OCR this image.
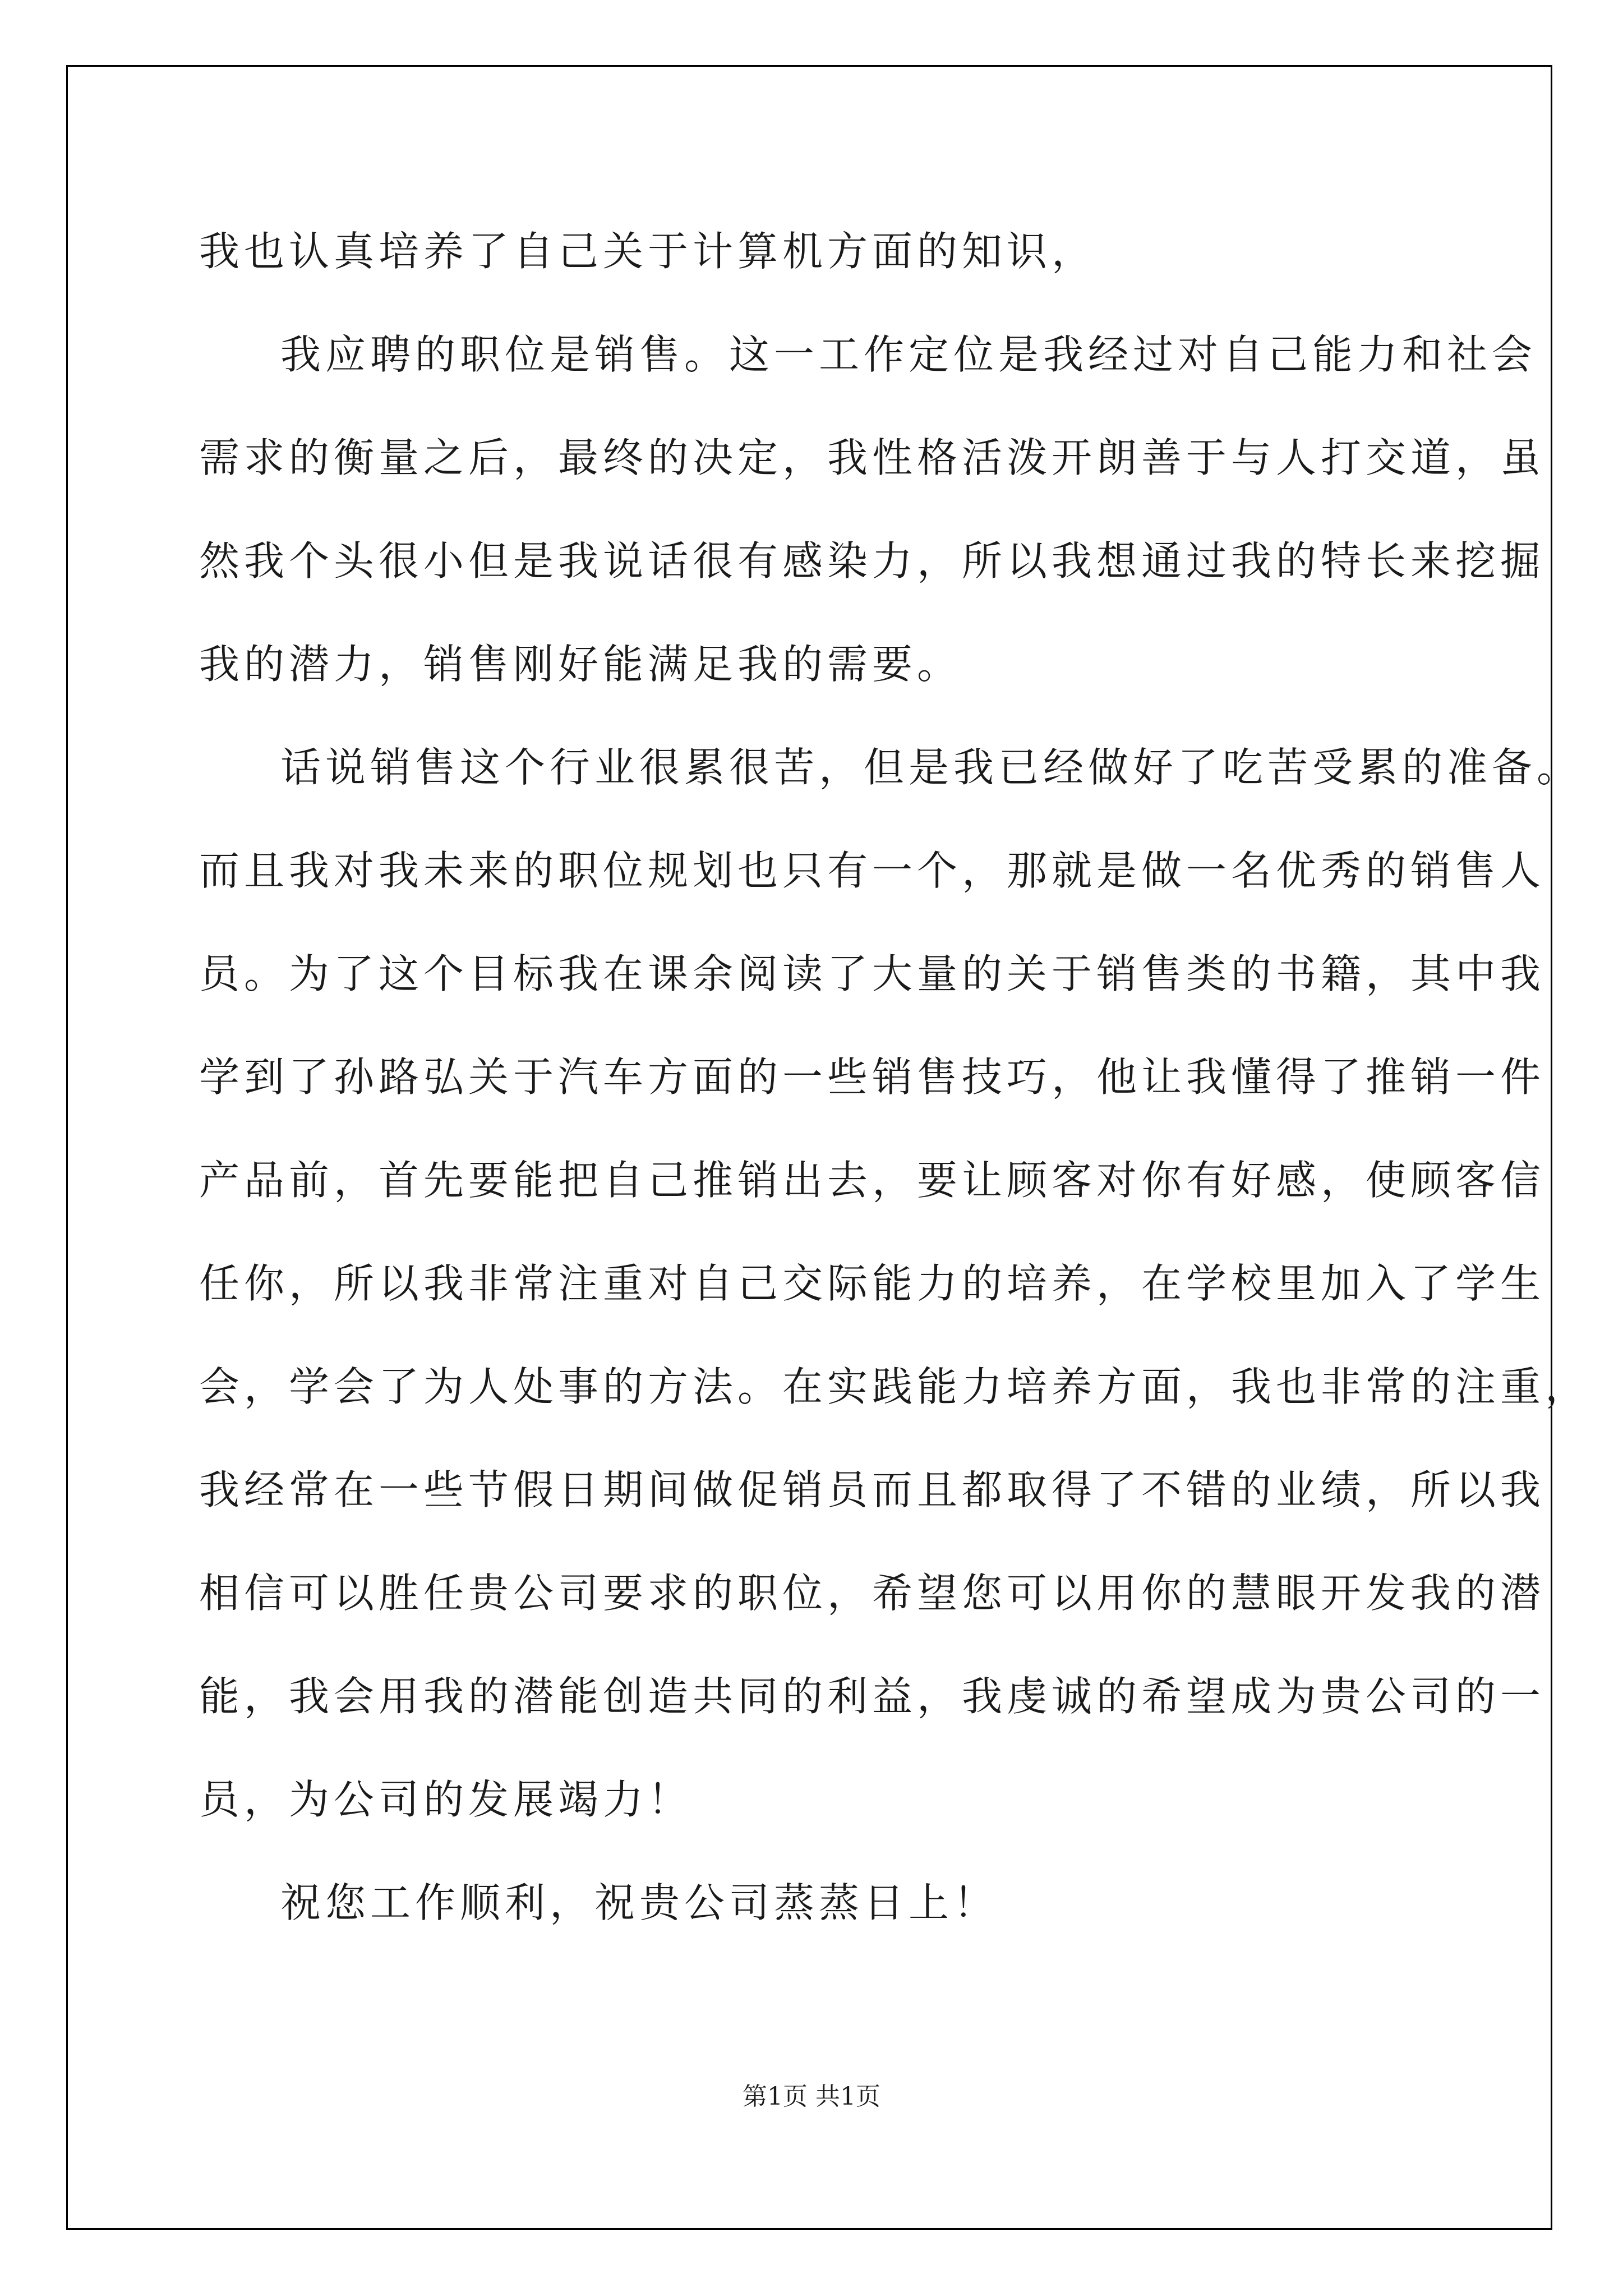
我也认真培养了自己关于计算机方面的知识，
我应聘的职位是销售。这一工作定位是我经过对自己能力和社会
需求的衡量之后，最终的决定，我性格活泼开朗善于与人打交道，虽
然我个头很小但是我说话很有感染力，所以我想通过我的特长来挖掘
我的潜力，销售刚好能满足我的需要。
话说销售这个行业很累很苦，但是我已经做好了吃苦受累的准备。
而且我对我未来的职位规划也只有一个，那就是做一名优秀的销售人
员。为了这个目标我在课余阅读了大量的关于销售类的书籍，其中我
学到了孙路弘关于汽车方面的一些销售技巧，他让我懂得了推销一件
产品前，首先要能把自己推销出去，要让顾客对你有好感，使顾客信
任你，所以我非常注重对自己交际能力的培养，在学校里加入了学生
会，学会了为人处事的方法。在实践能力培养方面，我也非常的注重，
我经常在一些节假日期间做促销员而且都取得了不错的业绩，所以我
相信可以胜任贵公司要求的职位，希望您可以用你的慧眼开发我的潜
能，我会用我的潜能创造共同的利益，我虔诚的希望成为贵公司的一
员，为公司的发展竭力！
祝您工作顺利，祝贵公司蒸蒸日上！
第1页 共1页
